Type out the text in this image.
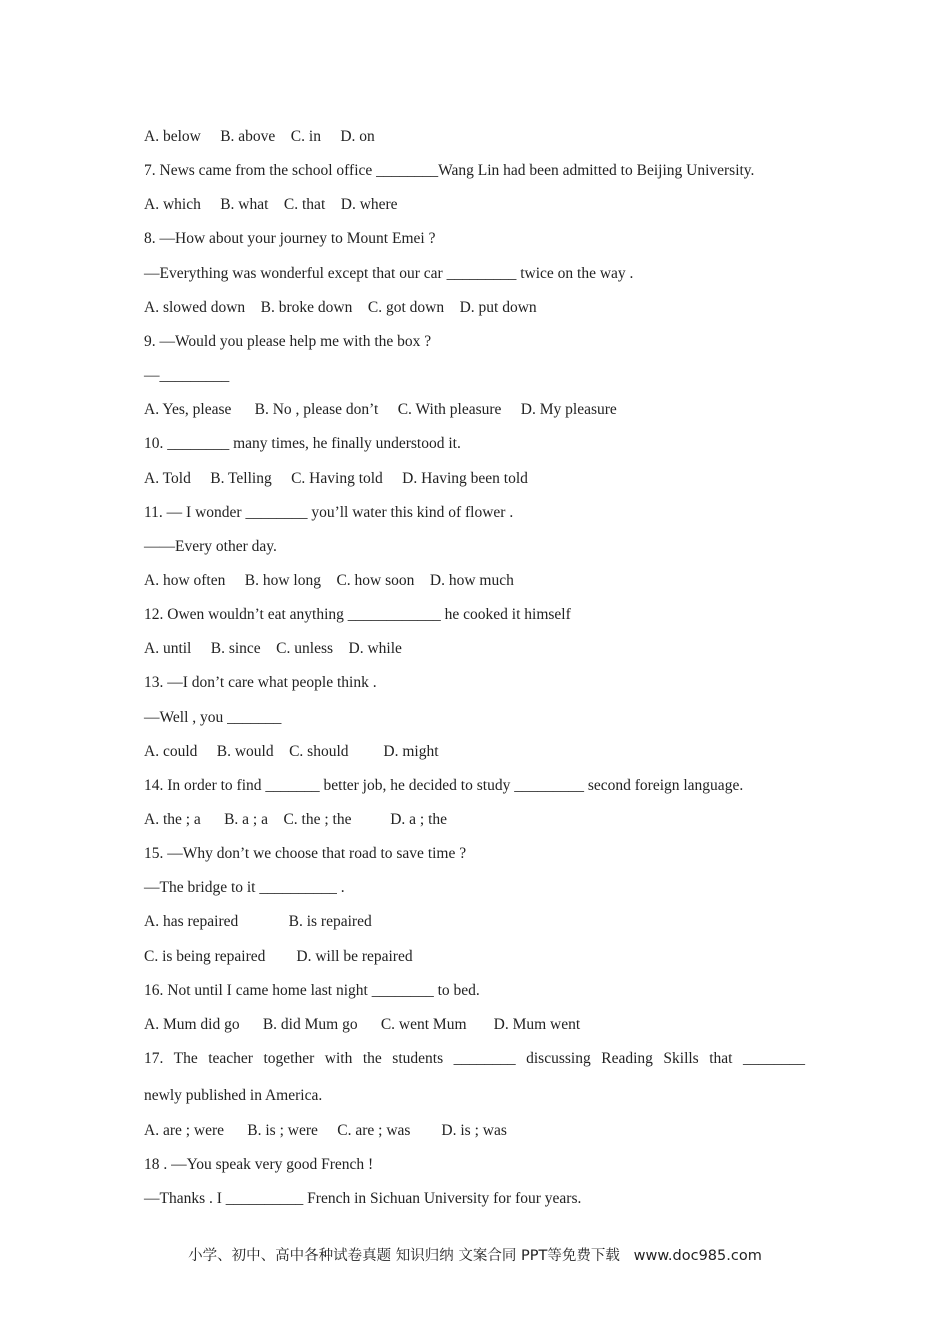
A. below     B. above    C. in     D. on

7. News came from the school office ________Wang Lin had been admitted to Beijing University.

A. which     B. what    C. that    D. where

8. —How about your journey to Mount Emei ?

—Everything was wonderful except that our car _________ twice on the way .

A. slowed down    B. broke down    C. got down    D. put down

9. —Would you please help me with the box ?

—_________

A. Yes, please      B. No , please don’t     C. With pleasure     D. My pleasure

10. ________ many times, he finally understood it.

A. Told     B. Telling     C. Having told     D. Having been told

11. — I wonder ________ you’ll water this kind of flower .

——Every other day.

A. how often     B. how long    C. how soon    D. how much

12. Owen wouldn’t eat anything ____________ he cooked it himself

A. until     B. since    C. unless    D. while

13. —I don’t care what people think .

—Well , you _______

A. could     B. would    C. should         D. might

14. In order to find _______ better job, he decided to study _________ second foreign language.

A. the ; a      B. a ; a    C. the ; the          D. a ; the

15. —Why don’t we choose that road to save time ?

—The bridge to it __________ .

A. has repaired             B. is repaired

C. is being repaired        D. will be repaired

16. Not until I came home last night ________ to bed.

A. Mum did go      B. did Mum go      C. went Mum       D. Mum went

17. The teacher together with the students ________ discussing Reading Skills that ________

newly published in America.

A. are ; were      B. is ; were     C. are ; was        D. is ; was

18 . —You speak very good French !

—Thanks . I __________ French in Sichuan University for four years.

小学、初中、高中各种试卷真题 知识归纳 文案合同 PPT等免费下载   www.doc985.com
